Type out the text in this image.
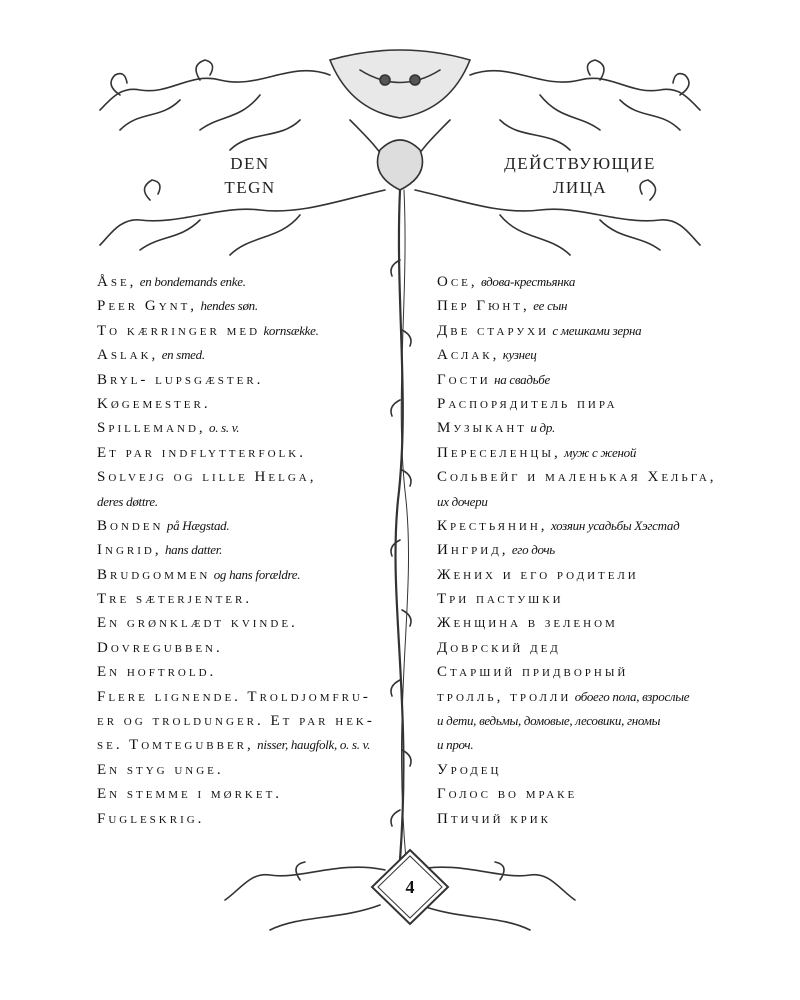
DEN
TEGN
ДЕЙСТВУЮЩИЕ
ЛИЦА
Åse, en bondemands enke.
Peer Gynt, hendes søn.
To kærringer med kornsække.
Aslak, en smed.
Bryl- lupsgæster.
Køgemester.
Spillemand, o. s. v.
Et par indflytterfolk.
Solvejg og lille Helga,
deres døttre.
Bonden på Hægstad.
Ingrid, hans datter.
Brudgommen og hans forældre.
Tre sæterjenter.
En grønklædt kvinde.
Dovregubben.
En hoftrold.
Flere lignende. Troldjomfru-
er og troldunger. Et par hek-
se. Tomtegubber, nisser, haugfolk, o. s. v.
En styg unge.
En stemme i mørket.
Fugleskrig.
Осе, вдова-крестьянка
Пер Гюнт, ее сын
Две старухи с мешками зерна
Аслак, кузнец
Гости на свадьбе
Распорядитель пира
Музыкант и др.
Переселенцы, муж с женой
Сольвейг и маленькая Хельга,
их дочери
Крестьянин, хозяин усадьбы Хэгстад
Ингрид, его дочь
Жених и его родители
Три пастушки
Женщина в зеленом
Доврский дед
Старший придворный
тролль, тролли обоего пола, взрослые
и дети, ведьмы, домовые, лесовики, гномы
и проч.
Уродец
Голос во мраке
Птичий крик
4
